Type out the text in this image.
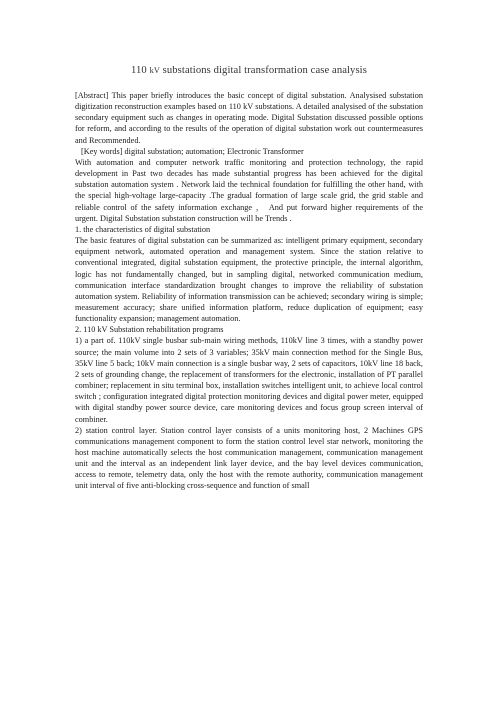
110 kV substations digital transformation case analysis

[Abstract] This paper briefly introduces the basic concept of digital substation. Analysised substation digitization reconstruction examples based on 110 kV substations. A detailed analysised of the substation secondary equipment such as changes in operating mode. Digital Substation discussed possible options for reform, and according to the results of the operation of digital substation work out countermeasures and Recommended.

[Key words] digital substation; automation; Electronic Transformer

With automation and computer network traffic monitoring and protection technology, the rapid development in Past two decades has made substantial progress has been achieved for the digital substation automation system . Network laid the technical foundation for fulfilling the other hand, with the special high-voltage large-capacity .The gradual formation of large scale grid, the grid stable and reliable control of the safety information exchange ， And put forward higher requirements of the urgent. Digital Substation substation construction will be Trends .

1. the characteristics of digital substation

The basic features of digital substation can be summarized as: intelligent primary equipment, secondary equipment network, automated operation and management system. Since the station relative to conventional integrated, digital substation equipment, the protective principle, the internal algorithm, logic has not fundamentally changed, but in sampling digital, networked communication medium, communication interface standardization brought changes to improve the reliability of substation automation system. Reliability of information transmission can be achieved; secondary wiring is simple; measurement accuracy; share unified information platform, reduce duplication of equipment; easy functionality expansion; management automation.

2. 110 kV Substation rehabilitation programs

1) a part of. 110kV single busbar sub-main wiring methods, 110kV line 3 times, with a standby power source; the main volume into 2 sets of 3 variables; 35kV main connection method for the Single Bus, 35kV line 5 back; 10kV main connection is a single busbar way, 2 sets of capacitors, 10kV line 18 back, 2 sets of grounding change, the replacement of transformers for the electronic, installation of PT parallel combiner; replacement in situ terminal box, installation switches intelligent unit, to achieve local control switch ; configuration integrated digital protection monitoring devices and digital power meter, equipped with digital standby power source device, care monitoring devices and focus group screen interval of combiner.

2) station control layer. Station control layer consists of a units monitoring host, 2 Machines GPS communications management component to form the station control level star network, monitoring the host machine automatically selects the host communication management, communication management unit and the interval as an independent link layer device, and the bay level devices communication, access to remote, telemetry data, only the host with the remote authority, communication management unit interval of five anti-blocking cross-sequence and function of small
